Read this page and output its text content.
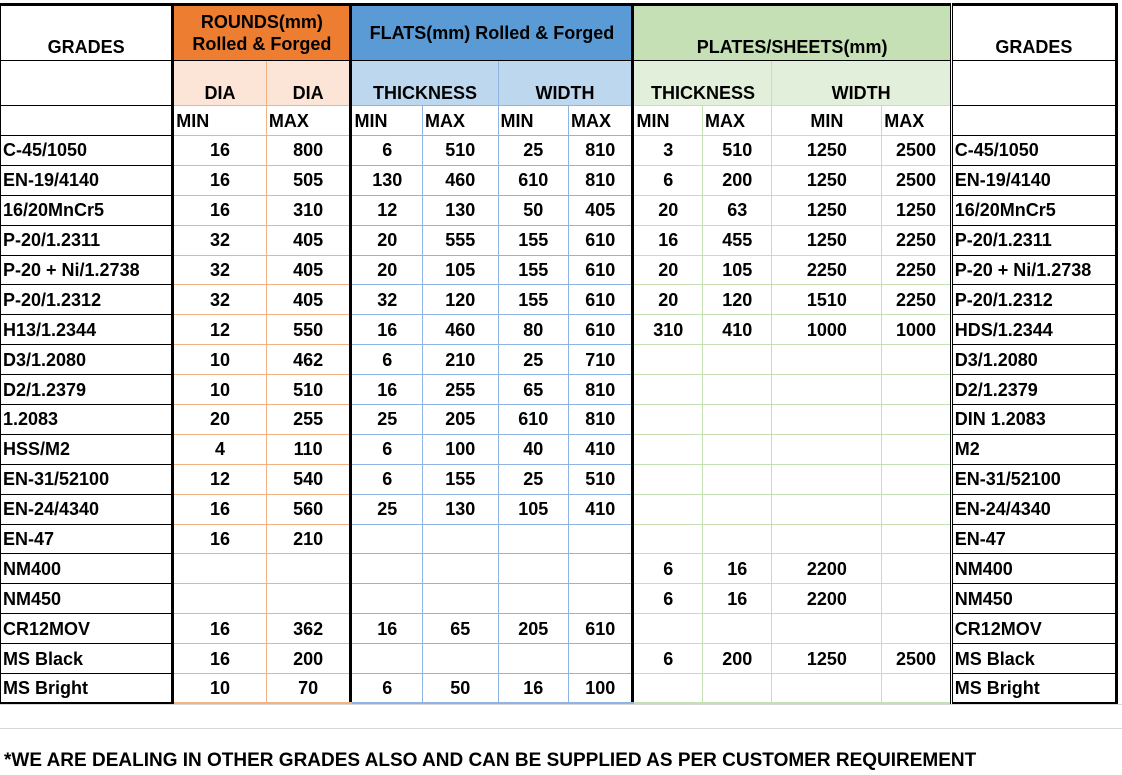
GRADES	ROUNDS(mm)
Rolled & Forged		FLATS(mm) Rolled & Forged				PLATES/SHEETS(mm)				GRADES
	DIA	DIA	THICKNESS		WIDTH		THICKNESS		WIDTH		
	MIN	MAX	MIN	MAX	MIN	MAX	MIN	MAX	MIN	MAX	
C-45/1050	16	800	6	510	25	810	3	510	1250	2500	C-45/1050
EN-19/4140	16	505	130	460	610	810	6	200	1250	2500	EN-19/4140
16/20MnCr5	16	310	12	130	50	405	20	63	1250	1250	16/20MnCr5
P-20/1.2311	32	405	20	555	155	610	16	455	1250	2250	P-20/1.2311
P-20 + Ni/1.2738	32	405	20	105	155	610	20	105	2250	2250	P-20 + Ni/1.2738
P-20/1.2312	32	405	32	120	155	610	20	120	1510	2250	P-20/1.2312
H13/1.2344	12	550	16	460	80	610	310	410	1000	1000	HDS/1.2344
D3/1.2080	10	462	6	210	25	710					D3/1.2080
D2/1.2379	10	510	16	255	65	810					D2/1.2379
1.2083	20	255	25	205	610	810					DIN 1.2083
HSS/M2	4	110	6	100	40	410					M2
EN-31/52100	12	540	6	155	25	510					EN-31/52100
EN-24/4340	16	560	25	130	105	410					EN-24/4340
EN-47	16	210									EN-47
NM400							6	16	2200		NM400
NM450							6	16	2200		NM450
CR12MOV	16	362	16	65	205	610					CR12MOV
MS Black	16	200					6	200	1250	2500	MS Black
MS Bright	10	70	6	50	16	100					MS Bright
*WE ARE DEALING IN OTHER GRADES ALSO AND CAN BE SUPPLIED AS PER CUSTOMER REQUIREMENT
